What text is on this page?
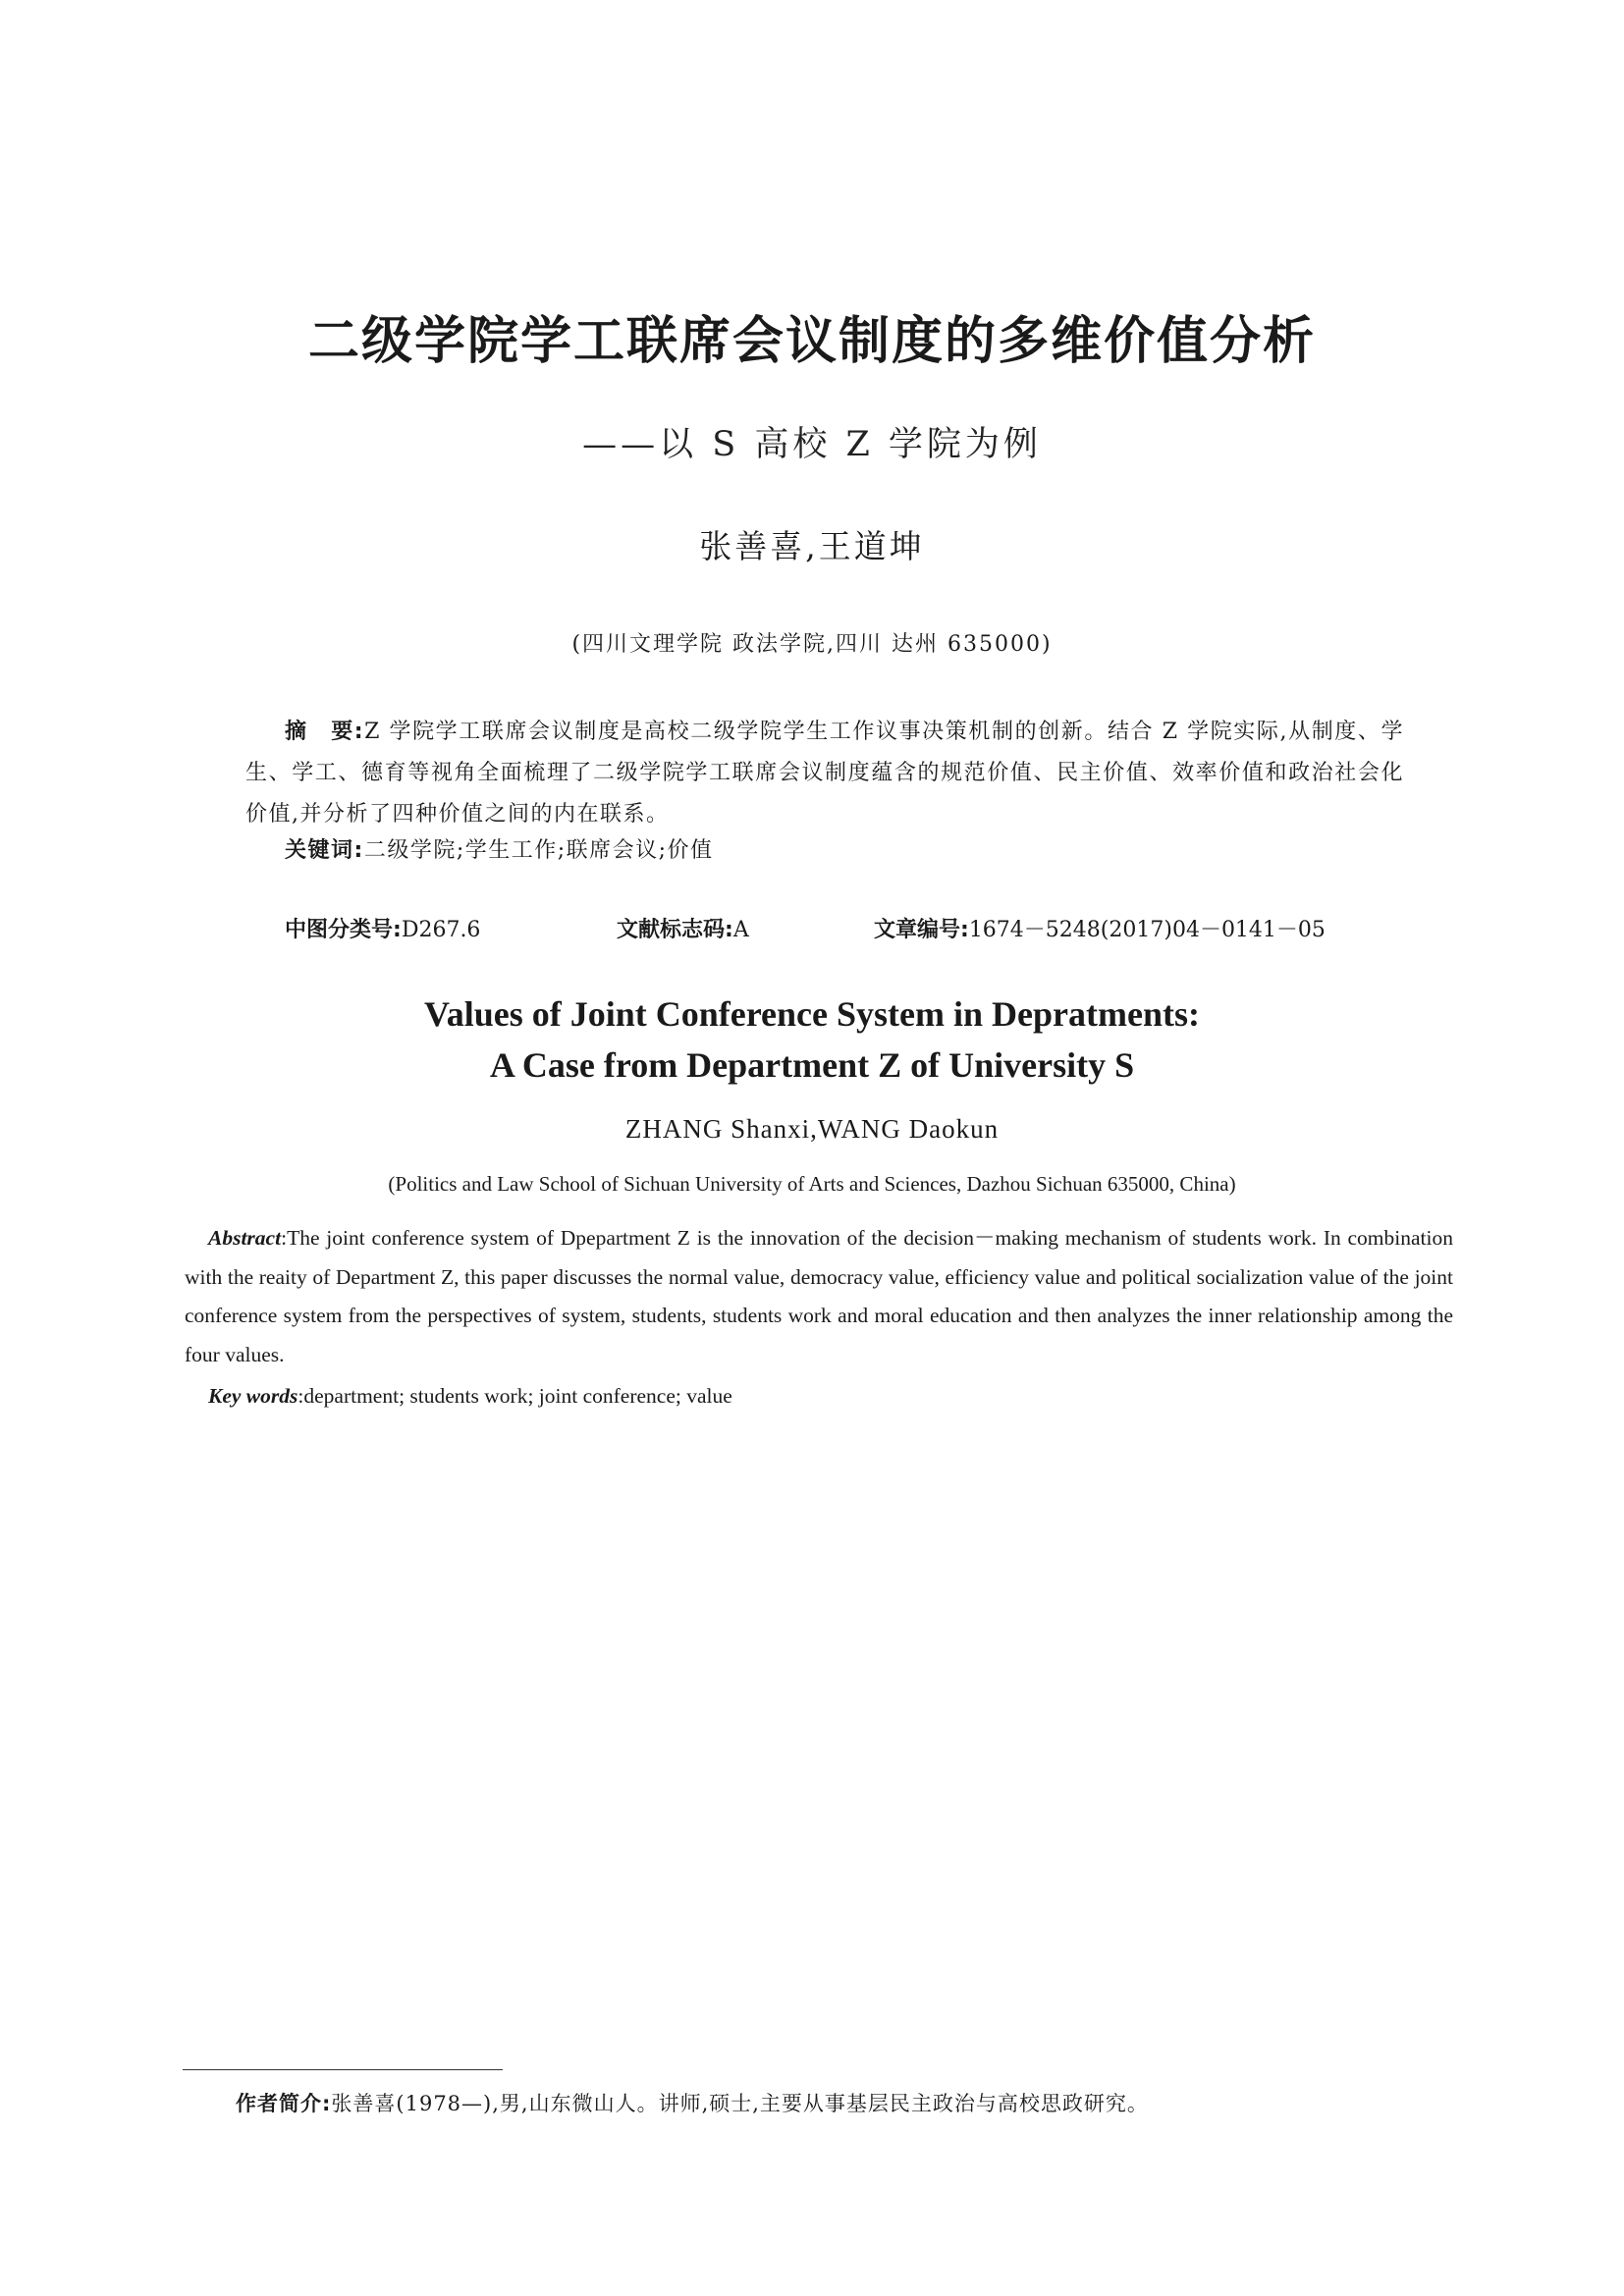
二级学院学工联席会议制度的多维价值分析
——以 S 高校 Z 学院为例
张善喜,王道坤
(四川文理学院 政法学院,四川 达州 635000)
摘　要:Z 学院学工联席会议制度是高校二级学院学生工作议事决策机制的创新。结合 Z 学院实际,从制度、学生、学工、德育等视角全面梳理了二级学院学工联席会议制度蕴含的规范价值、民主价值、效率价值和政治社会化价值,并分析了四种价值之间的内在联系。
关键词:二级学院;学生工作;联席会议;价值
中图分类号:D267.6	文献标志码:A	文章编号:1674－5248(2017)04－0141－05
Values of Joint Conference System in Depratments:
A Case from Department Z of University S
ZHANG Shanxi,WANG Daokun
(Politics and Law School of Sichuan University of Arts and Sciences, Dazhou Sichuan 635000, China)
Abstract:The joint conference system of Dpepartment Z is the innovation of the decision－making mechanism of students work. In combination with the reaity of Department Z, this paper discusses the normal value, democracy value, efficiency value and political socialization value of the joint conference system from the perspectives of system, students, students work and moral education and then analyzes the inner relationship among the four values.
Key words:department; students work; joint conference; value
作者简介:张善喜(1978—),男,山东微山人。讲师,硕士,主要从事基层民主政治与高校思政研究。
